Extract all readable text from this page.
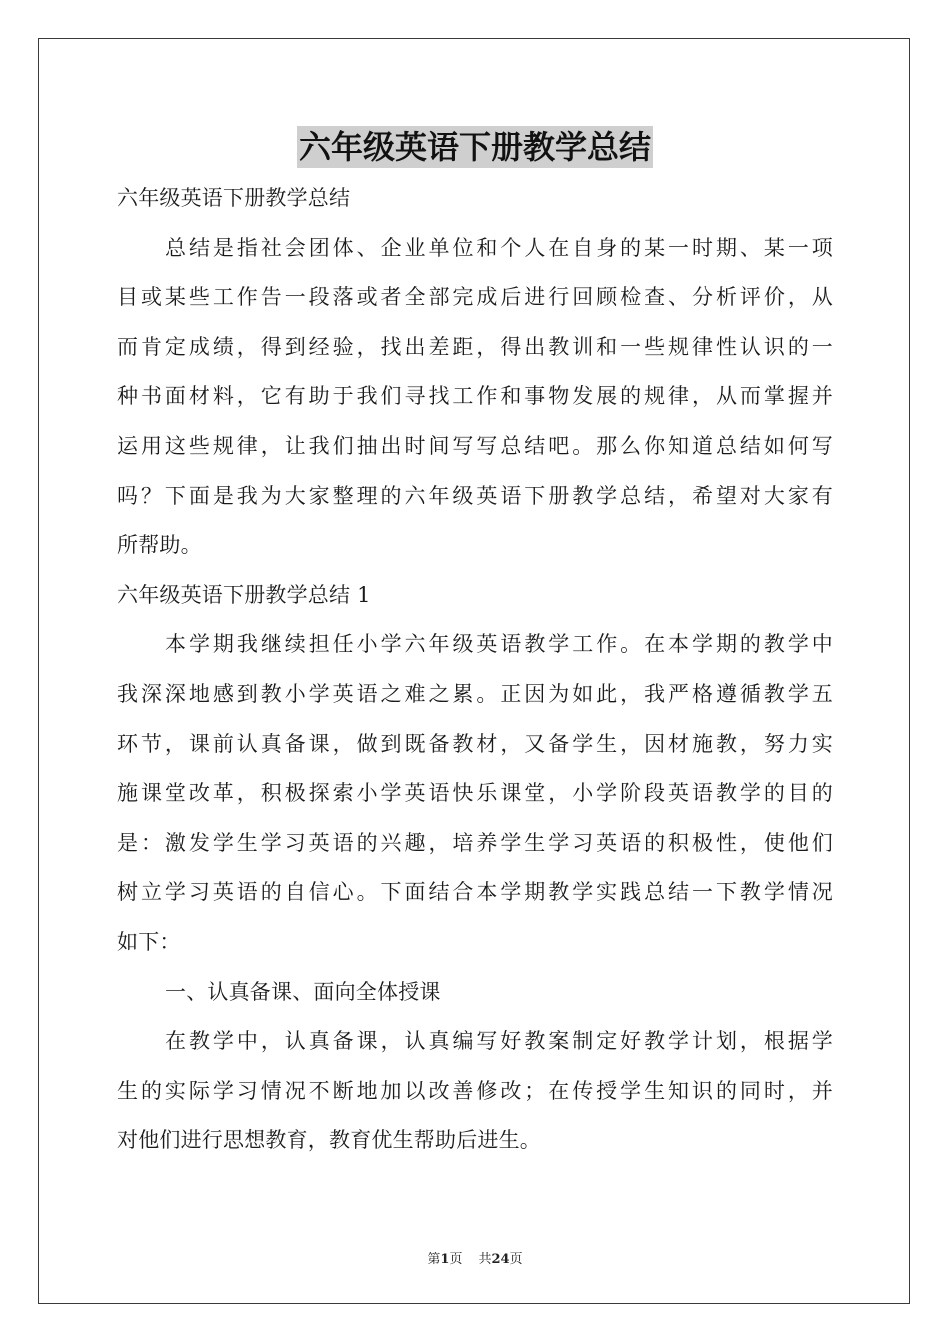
六年级英语下册教学总结
六年级英语下册教学总结
总结是指社会团体、企业单位和个人在自身的某一时期、某一项
目或某些工作告一段落或者全部完成后进行回顾检查、分析评价，从
而肯定成绩，得到经验，找出差距，得出教训和一些规律性认识的一
种书面材料，它有助于我们寻找工作和事物发展的规律，从而掌握并
运用这些规律，让我们抽出时间写写总结吧。那么你知道总结如何写
吗？下面是我为大家整理的六年级英语下册教学总结，希望对大家有
所帮助。
六年级英语下册教学总结 1
本学期我继续担任小学六年级英语教学工作。在本学期的教学中
我深深地感到教小学英语之难之累。正因为如此，我严格遵循教学五
环节，课前认真备课，做到既备教材，又备学生，因材施教，努力实
施课堂改革，积极探索小学英语快乐课堂，小学阶段英语教学的目的
是：激发学生学习英语的兴趣，培养学生学习英语的积极性，使他们
树立学习英语的自信心。下面结合本学期教学实践总结一下教学情况
如下：
一、认真备课、面向全体授课
在教学中，认真备课，认真编写好教案制定好教学计划，根据学
生的实际学习情况不断地加以改善修改；在传授学生知识的同时，并
对他们进行思想教育，教育优生帮助后进生。
第1页 共24页
